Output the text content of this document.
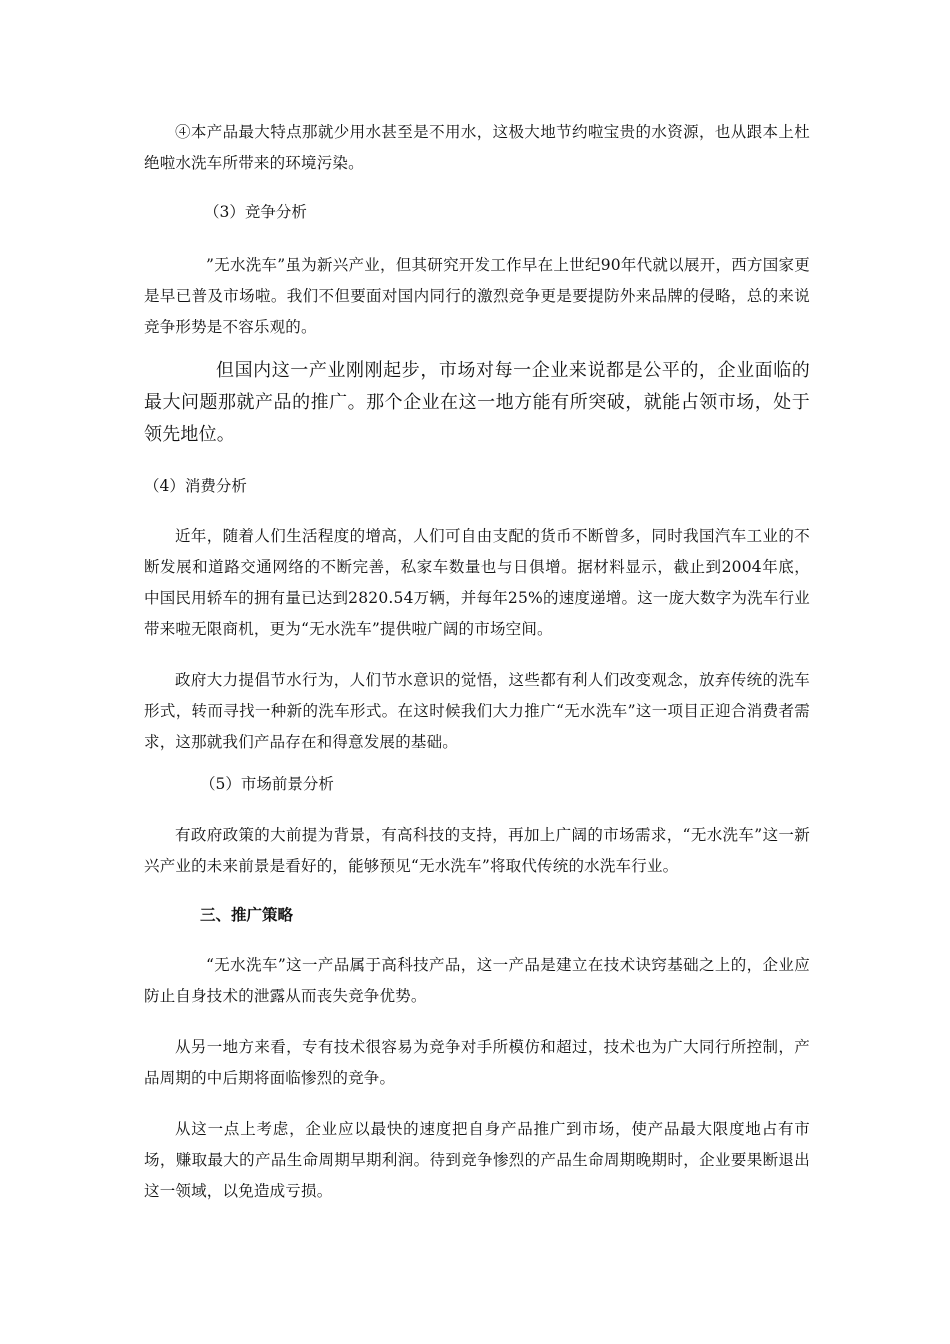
④本产品最大特点那就少用水甚至是不用水，这极大地节约啦宝贵的水资源，也从跟本上杜绝啦水洗车所带来的环境污染。

（3）竞争分析

”无水洗车”虽为新兴产业，但其研究开发工作早在上世纪90年代就以展开，西方国家更是早已普及市场啦。我们不但要面对国内同行的激烈竞争更是要提防外来品牌的侵略，总的来说竞争形势是不容乐观的。

但国内这一产业刚刚起步，市场对每一企业来说都是公平的，企业面临的最大问题那就产品的推广。那个企业在这一地方能有所突破，就能占领市场，处于领先地位。

（4）消费分析

近年，随着人们生活程度的增高，人们可自由支配的货币不断曾多，同时我国汽车工业的不断发展和道路交通网络的不断完善，私家车数量也与日俱增。据材料显示，截止到2004年底，中国民用轿车的拥有量已达到2820.54万辆，并每年25%的速度递增。这一庞大数字为洗车行业带来啦无限商机，更为“无水洗车”提供啦广阔的市场空间。

政府大力提倡节水行为，人们节水意识的觉悟，这些都有利人们改变观念，放弃传统的洗车形式，转而寻找一种新的洗车形式。在这时候我们大力推广“无水洗车”这一项目正迎合消费者需求，这那就我们产品存在和得意发展的基础。

（5）市场前景分析

有政府政策的大前提为背景，有高科技的支持，再加上广阔的市场需求，“无水洗车”这一新兴产业的未来前景是看好的，能够预见“无水洗车”将取代传统的水洗车行业。

三、推广策略

“无水洗车”这一产品属于高科技产品，这一产品是建立在技术诀窍基础之上的，企业应防止自身技术的泄露从而丧失竞争优势。

从另一地方来看，专有技术很容易为竞争对手所模仿和超过，技术也为广大同行所控制，产品周期的中后期将面临惨烈的竞争。

从这一点上考虑，企业应以最快的速度把自身产品推广到市场，使产品最大限度地占有市场，赚取最大的产品生命周期早期利润。待到竞争惨烈的产品生命周期晚期时，企业要果断退出这一领域，以免造成亏损。
